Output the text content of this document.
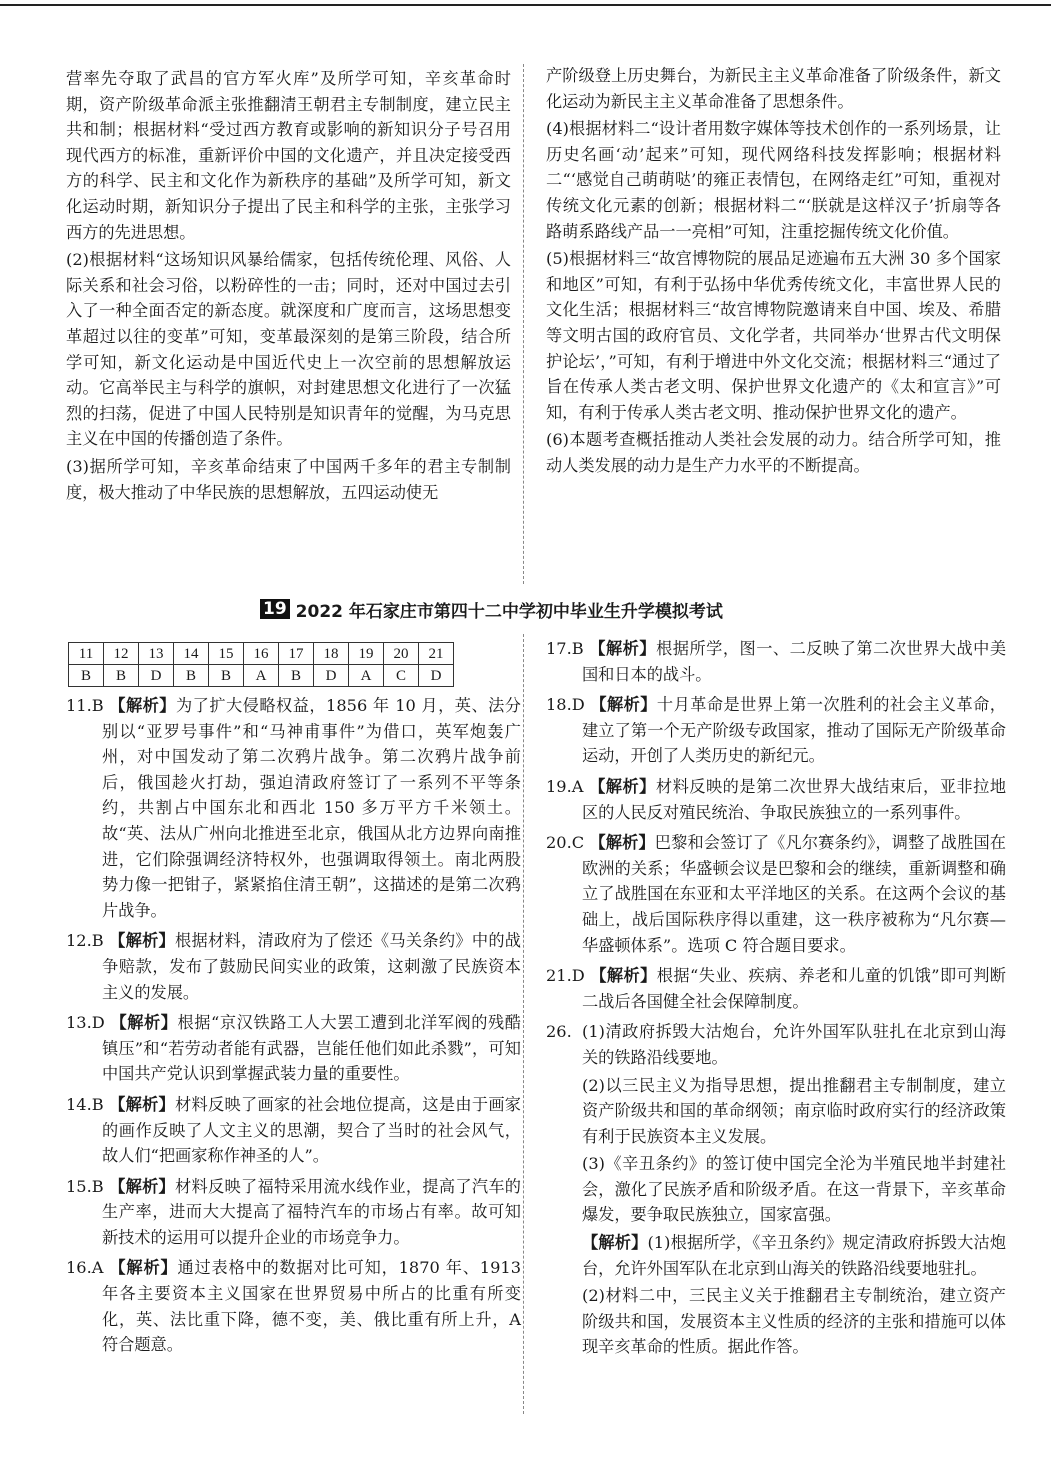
营率先夺取了武昌的官方军火库”及所学可知，辛亥革命时期，资产阶级革命派主张推翻清王朝君主专制制度，建立民主共和制；根据材料“受过西方教育或影响的新知识分子号召用现代西方的标准，重新评价中国的文化遗产，并且决定接受西方的科学、民主和文化作为新秩序的基础”及所学可知，新文化运动时期，新知识分子提出了民主和科学的主张，主张学习西方的先进思想。

(2)根据材料“这场知识风暴给儒家，包括传统伦理、风俗、人际关系和社会习俗，以粉碎性的一击；同时，还对中国过去引入了一种全面否定的新态度。就深度和广度而言，这场思想变革超过以往的变革”可知，变革最深刻的是第三阶段，结合所学可知，新文化运动是中国近代史上一次空前的思想解放运动。它高举民主与科学的旗帜，对封建思想文化进行了一次猛烈的扫荡，促进了中国人民特别是知识青年的觉醒，为马克思主义在中国的传播创造了条件。

(3)据所学可知，辛亥革命结束了中国两千多年的君主专制制度，极大推动了中华民族的思想解放，五四运动使无

产阶级登上历史舞台，为新民主主义革命准备了阶级条件，新文化运动为新民主主义革命准备了思想条件。

(4)根据材料二“设计者用数字媒体等技术创作的一系列场景，让历史名画‘动’起来”可知，现代网络科技发挥影响；根据材料二“‘感觉自己萌萌哒’的雍正表情包，在网络走红”可知，重视对传统文化元素的创新；根据材料二“‘朕就是这样汉子’折扇等各路萌系路线产品一一亮相”可知，注重挖掘传统文化价值。

(5)根据材料三“故宫博物院的展品足迹遍布五大洲 30 多个国家和地区”可知，有利于弘扬中华优秀传统文化，丰富世界人民的文化生活；根据材料三“故宫博物院邀请来自中国、埃及、希腊等文明古国的政府官员、文化学者，共同举办‘世界古代文明保护论坛’，”可知，有利于增进中外文化交流；根据材料三“通过了旨在传承人类古老文明、保护世界文化遗产的《太和宣言》”可知，有利于传承人类古老文明、推动保护世界文化的遗产。

(6)本题考查概括推动人类社会发展的动力。结合所学可知，推动人类发展的动力是生产力水平的不断提高。

19 2022 年石家庄市第四十二中学初中毕业生升学模拟考试
11	12	13	14	15	16	17	18	19	20	21
B	B	D	B	B	A	B	D	A	C	D
11.B 【解析】为了扩大侵略权益，1856 年 10 月，英、法分别以“亚罗号事件”和“马神甫事件”为借口，英军炮轰广州，对中国发动了第二次鸦片战争。第二次鸦片战争前后，俄国趁火打劫，强迫清政府签订了一系列不平等条约，共割占中国东北和西北 150 多万平方千米领土。故“英、法从广州向北推进至北京，俄国从北方边界向南推进，它们除强调经济特权外，也强调取得领土。南北两股势力像一把钳子，紧紧掐住清王朝”，这描述的是第二次鸦片战争。
12.B 【解析】根据材料，清政府为了偿还《马关条约》中的战争赔款，发布了鼓励民间实业的政策，这刺激了民族资本主义的发展。
13.D 【解析】根据“京汉铁路工人大罢工遭到北洋军阀的残酷镇压”和“若劳动者能有武器，岂能任他们如此杀戮”，可知中国共产党认识到掌握武装力量的重要性。
14.B 【解析】材料反映了画家的社会地位提高，这是由于画家的画作反映了人文主义的思潮，契合了当时的社会风气，故人们“把画家称作神圣的人”。
15.B 【解析】材料反映了福特采用流水线作业，提高了汽车的生产率，进而大大提高了福特汽车的市场占有率。故可知新技术的运用可以提升企业的市场竞争力。
16.A 【解析】通过表格中的数据对比可知，1870 年、1913 年各主要资本主义国家在世界贸易中所占的比重有所变化，英、法比重下降，德不变，美、俄比重有所上升，A 符合题意。
17.B 【解析】根据所学，图一、二反映了第二次世界大战中美国和日本的战斗。
18.D 【解析】十月革命是世界上第一次胜利的社会主义革命，建立了第一个无产阶级专政国家，推动了国际无产阶级革命运动，开创了人类历史的新纪元。
19.A 【解析】材料反映的是第二次世界大战结束后，亚非拉地区的人民反对殖民统治、争取民族独立的一系列事件。
20.C 【解析】巴黎和会签订了《凡尔赛条约》，调整了战胜国在欧洲的关系；华盛顿会议是巴黎和会的继续，重新调整和确立了战胜国在东亚和太平洋地区的关系。在这两个会议的基础上，战后国际秩序得以重建，这一秩序被称为“凡尔赛—华盛顿体系”。选项 C 符合题目要求。
21.D 【解析】根据“失业、疾病、养老和儿童的饥饿”即可判断二战后各国健全社会保障制度。
26. (1)清政府拆毁大沽炮台，允许外国军队驻扎在北京到山海关的铁路沿线要地。
(2)以三民主义为指导思想，提出推翻君主专制制度，建立资产阶级共和国的革命纲领；南京临时政府实行的经济政策有利于民族资本主义发展。
(3)《辛丑条约》的签订使中国完全沦为半殖民地半封建社会，激化了民族矛盾和阶级矛盾。在这一背景下，辛亥革命爆发，要争取民族独立，国家富强。
【解析】(1)根据所学，《辛丑条约》规定清政府拆毁大沽炮台，允许外国军队在北京到山海关的铁路沿线要地驻扎。
(2)材料二中，三民主义关于推翻君主专制统治，建立资产阶级共和国，发展资本主义性质的经济的主张和措施可以体现辛亥革命的性质。据此作答。
